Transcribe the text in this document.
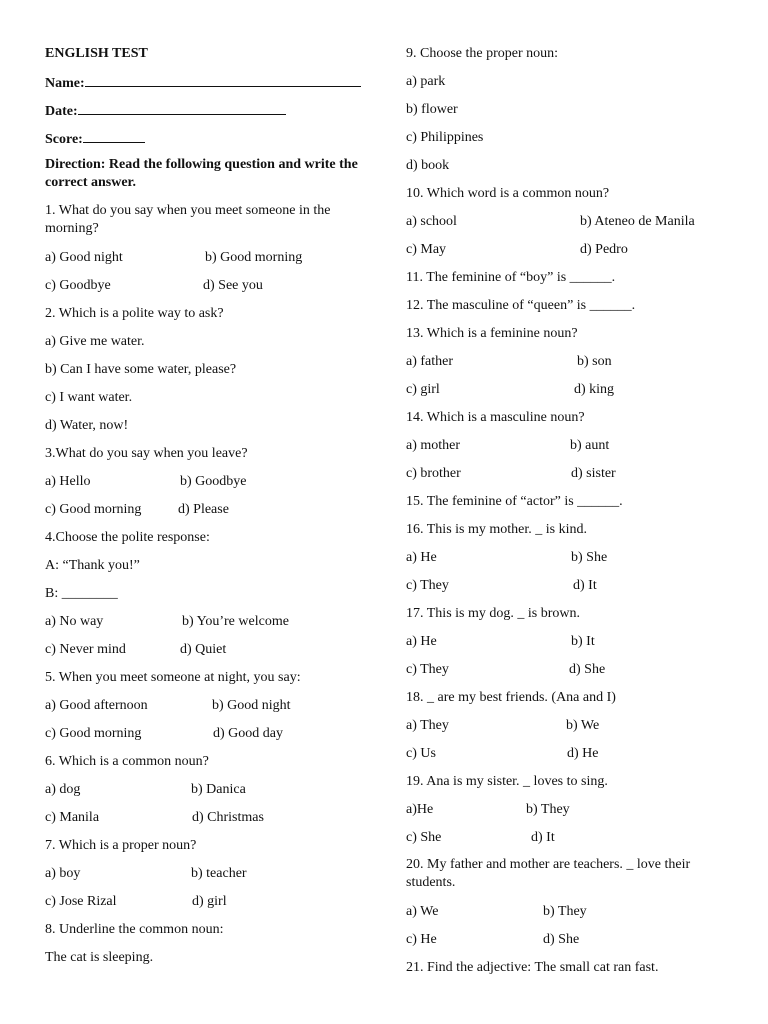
ENGLISH TEST
Name:
Date:
Score:
Direction: Read the following question and write the correct answer.
1. What do you say when you meet someone in the morning?
a) Good night	b) Good morning
c) Goodbye	d) See you
2. Which is a polite way to ask?
a) Give me water.
b) Can I have some water, please?
c) I want water.
d) Water, now!
3.What do you say when you leave?
a) Hello	b) Goodbye
c) Good morning	d) Please
4.Choose the polite response:
A: “Thank you!”
B: ________
a) No way	b) You’re welcome
c) Never mind	d) Quiet
5. When you meet someone at night, you say:
a) Good afternoon	b) Good night
c) Good morning	d) Good day
6. Which is a common noun?
a) dog	b) Danica
c) Manila	d) Christmas
7. Which is a proper noun?
a) boy	b) teacher
c) Jose Rizal	d) girl
8. Underline the common noun:
The cat is sleeping.
9. Choose the proper noun:
a) park
b) flower
c) Philippines
d) book
10. Which word is a common noun?
a) school	b) Ateneo de Manila
c) May	d) Pedro
11. The feminine of “boy” is ______.
12. The masculine of “queen” is ______.
13. Which is a feminine noun?
a) father	b) son
c) girl	d) king
14. Which is a masculine noun?
a) mother	b) aunt
c) brother	d) sister
15. The feminine of “actor” is ______.
16. This is my mother. _ is kind.
a) He	b) She
c) They	d) It
17. This is my dog. _ is brown.
a) He	b) It
c) They	d) She
18. _ are my best friends. (Ana and I)
a) They	b) We
c) Us	d) He
19. Ana is my sister. _ loves to sing.
a)He	b) They
c) She	d) It
20. My father and mother are teachers. _ love their students.
a) We	b) They
c) He	d) She
21. Find the adjective: The small cat ran fast.
